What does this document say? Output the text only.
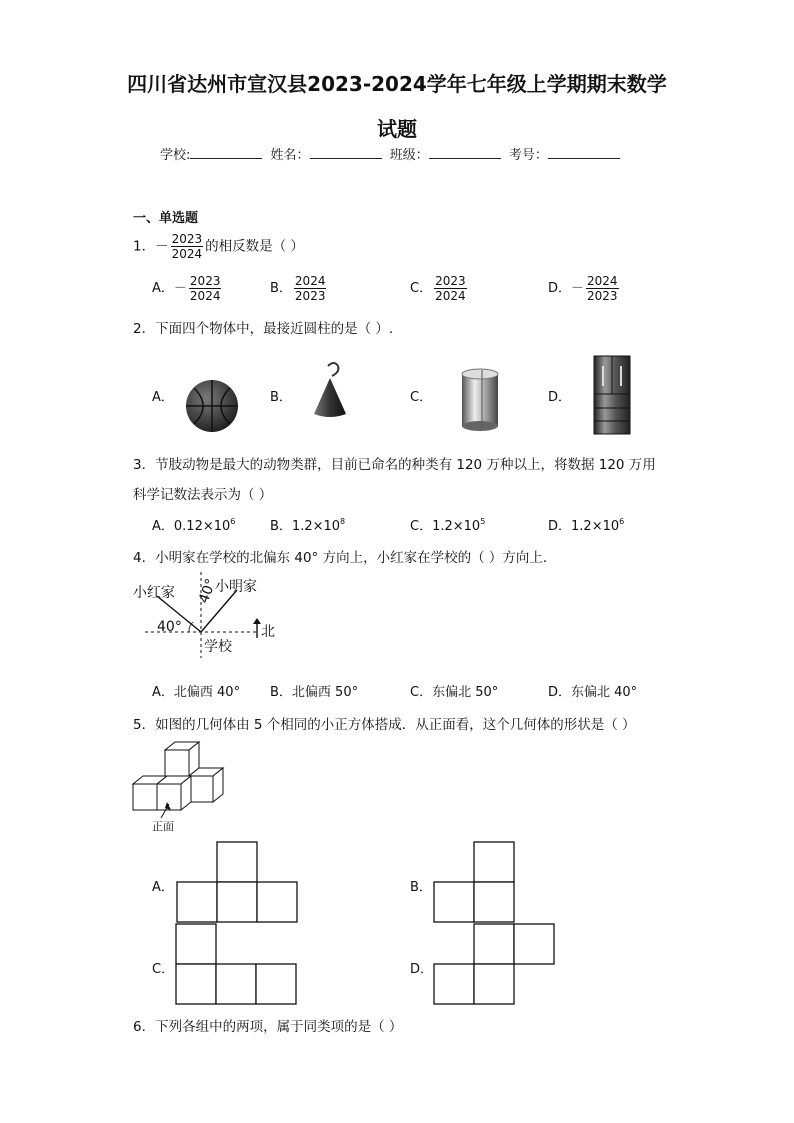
四川省达州市宣汉县2023-2024学年七年级上学期期末数学
试题
学校:	姓名：	班级：	考号：
一、单选题
1．－ $\frac{2023}{2024}$ 的相反数是（ ）
A．－ $\frac{2023}{2024}$	B． $\frac{2024}{2023}$	C． $\frac{2023}{2024}$	D．－ $\frac{2024}{2023}$
2．下面四个物体中，最接近圆柱的是（ ）.
A．	B．	C．	D．
3．节肢动物是最大的动物类群，目前已命名的种类有 120 万种以上，将数据 120 万用
科学记数法表示为（ ）
A．$0.12\times 10^6$	B．$1.2\times 10^8$	C．$1.2\times 10^5$	D．$1.2\times 10^6$
4．小明家在学校的北偏东 40° 方向上，小红家在学校的（ ）方向上．
小红家	小明家
40°
40°
学校
北
A．北偏西 40° B．北偏西 50°	C．东偏北 50°	D．东偏北 40°
5．如图的几何体由 5 个相同的小正方体搭成．从正面看，这个几何体的形状是（ ）
正面
A．	B．
C．	D．
6．下列各组中的两项，属于同类项的是（ ）
